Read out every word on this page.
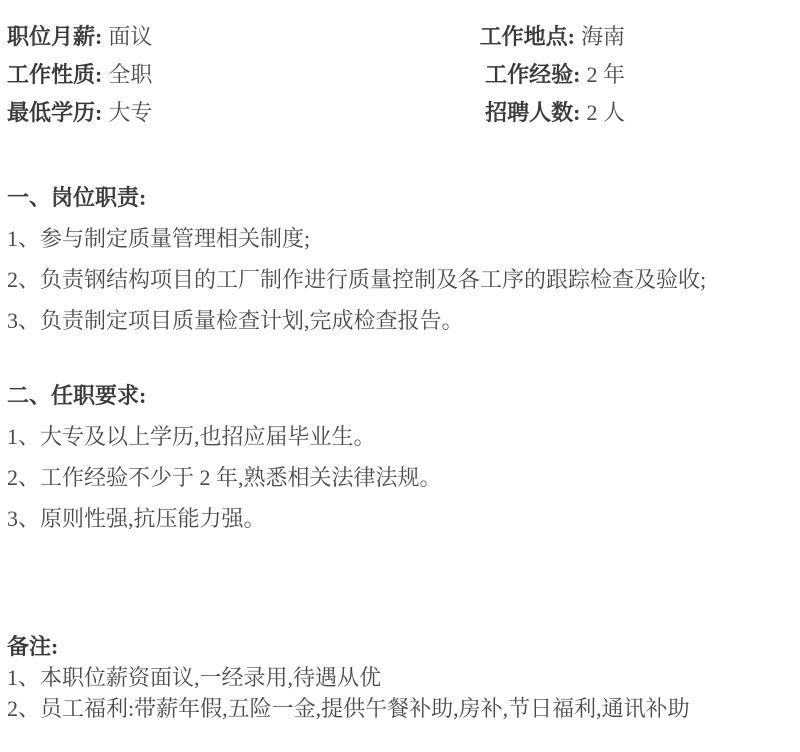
职位月薪: 面议
工作性质: 全职
最低学历: 大专
工作地点: 海南
工作经验: 2 年
招聘人数: 2 人
一、岗位职责:

1、参与制定质量管理相关制度;

2、负责钢结构项目的工厂制作进行质量控制及各工序的跟踪检查及验收;

3、负责制定项目质量检查计划,完成检查报告。

二、任职要求:

1、大专及以上学历,也招应届毕业生。

2、工作经验不少于 2 年,熟悉相关法律法规。

3、原则性强,抗压能力强。

备注:

1、本职位薪资面议,一经录用,待遇从优

2、员工福利:带薪年假,五险一金,提供午餐补助,房补,节日福利,通讯补助
